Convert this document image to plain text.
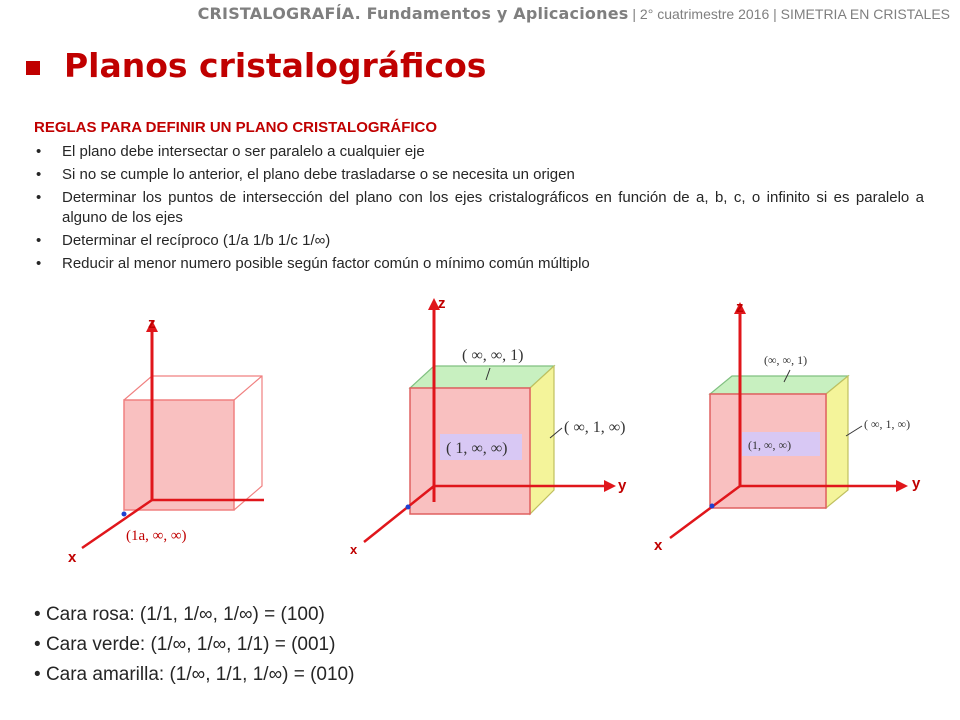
CRISTALOGRAFÍA. Fundamentos y Aplicaciones | 2° cuatrimestre 2016 | SIMETRIA EN CRISTALES
Planos cristalográficos
REGLAS PARA DEFINIR UN PLANO CRISTALOGRÁFICO
• El plano debe intersectar o ser paralelo a cualquier eje
• Si no se cumple lo anterior, el plano debe trasladarse o se necesita un origen
• Determinar los puntos de intersección del plano con los ejes cristalográficos en función de a, b, c, o infinito si es paralelo a alguno de los ejes
• Determinar el recíproco (1/a 1/b 1/c 1/∞)
• Reducir al menor numero posible según factor común o mínimo común múltiplo
z
x
(1a, ∞, ∞)
z
y
x
( ∞, ∞, 1)
( ∞, 1, ∞)
( 1, ∞, ∞)
z
y
x
(∞, ∞, 1)
( ∞, 1, ∞)
(1, ∞, ∞)
• Cara rosa: (1/1, 1/∞, 1/∞) = (100)
• Cara verde: (1/∞, 1/∞, 1/1) = (001)
• Cara amarilla: (1/∞, 1/1, 1/∞) = (010)
